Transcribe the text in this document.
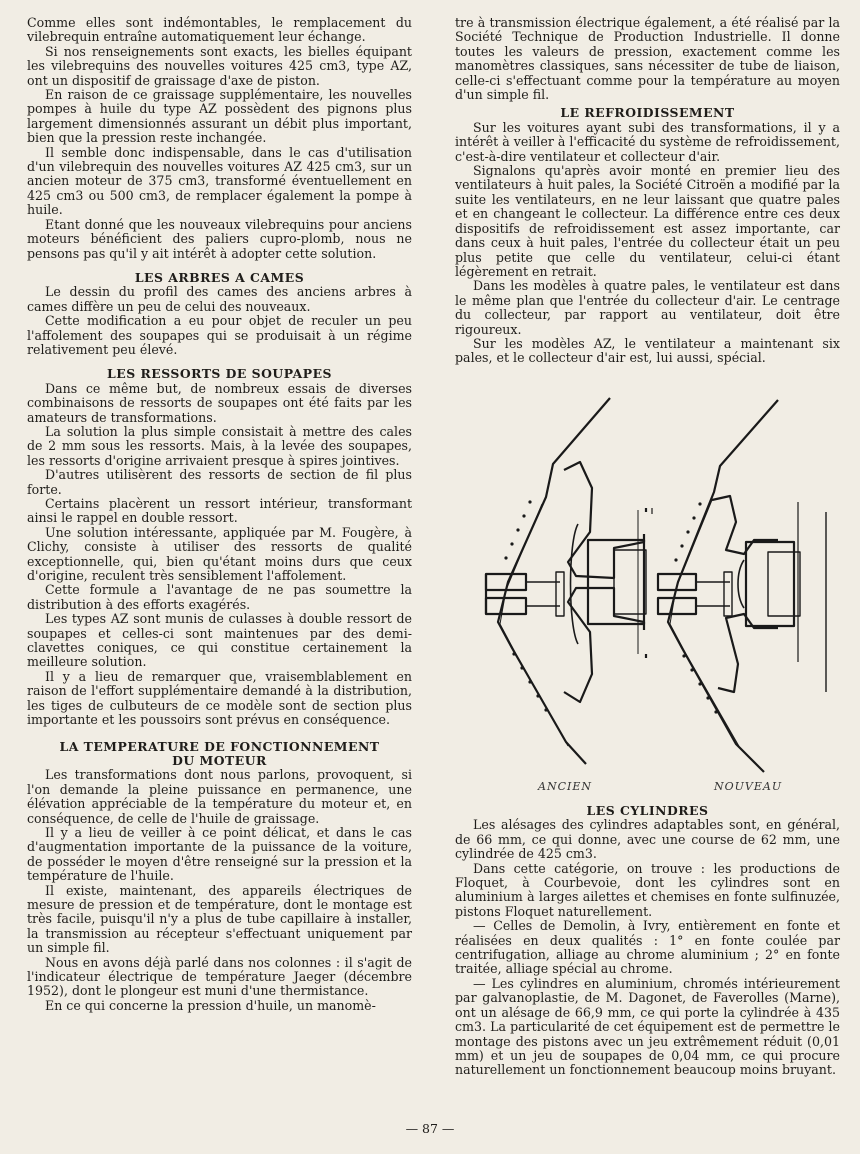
Comme elles sont indémontables, le remplacement du vilebrequin entraîne automatiquement leur échange.

Si nos renseignements sont exacts, les bielles équipant les vilebrequins des nouvelles voitures 425 cm3, type AZ, ont un dispositif de graissage d'axe de piston.

En raison de ce graissage supplémentaire, les nouvelles pompes à huile du type AZ possèdent des pignons plus largement dimensionnés assurant un débit plus important, bien que la pression reste inchangée.

Il semble donc indispensable, dans le cas d'utilisation d'un vilebrequin des nouvelles voitures AZ 425 cm3, sur un ancien moteur de 375 cm3, transformé éventuellement en 425 cm3 ou 500 cm3, de remplacer également la pompe à huile.

Etant donné que les nouveaux vilebrequins pour anciens moteurs bénéficient des paliers cupro-plomb, nous ne pensons pas qu'il y ait intérêt à adopter cette solution.

LES ARBRES A CAMES

Le dessin du profil des cames des anciens arbres à cames diffère un peu de celui des nouveaux.

Cette modification a eu pour objet de reculer un peu l'affolement des soupapes qui se produisait à un régime relativement peu élevé.

LES RESSORTS DE SOUPAPES

Dans ce même but, de nombreux essais de diverses combinaisons de ressorts de soupapes ont été faits par les amateurs de transformations.

La solution la plus simple consistait à mettre des cales de 2 mm sous les ressorts. Mais, à la levée des soupapes, les ressorts d'origine arrivaient presque à spires jointives.

D'autres utilisèrent des ressorts de section de fil plus forte.

Certains placèrent un ressort intérieur, transformant ainsi le rappel en double ressort.

Une solution intéressante, appliquée par M. Fougère, à Clichy, consiste à utiliser des ressorts de qualité exceptionnelle, qui, bien qu'étant moins durs que ceux d'origine, reculent très sensiblement l'affolement.

Cette formule a l'avantage de ne pas soumettre la distribution à des efforts exagérés.

Les types AZ sont munis de culasses à double ressort de soupapes et celles-ci sont maintenues par des demi-clavettes coniques, ce qui constitue certainement la meilleure solution.

Il y a lieu de remarquer que, vraisemblablement en raison de l'effort supplémentaire demandé à la distribution, les tiges de culbuteurs de ce modèle sont de section plus importante et les poussoirs sont prévus en conséquence.

LA TEMPERATURE DE FONCTIONNEMENT
DU MOTEUR

Les transformations dont nous parlons, provoquent, si l'on demande la pleine puissance en permanence, une élévation appréciable de la température du moteur et, en conséquence, de celle de l'huile de graissage.

Il y a lieu de veiller à ce point délicat, et dans le cas d'augmentation importante de la puissance de la voiture, de posséder le moyen d'être renseigné sur la pression et la température de l'huile.

Il existe, maintenant, des appareils électriques de mesure de pression et de température, dont le montage est très facile, puisqu'il n'y a plus de tube capillaire à installer, la transmission au récepteur s'effectuant uniquement par un simple fil.

Nous en avons déjà parlé dans nos colonnes : il s'agit de l'indicateur électrique de température Jaeger (décembre 1952), dont le plongeur est muni d'une thermistance.

En ce qui concerne la pression d'huile, un manomè-

tre à transmission électrique également, a été réalisé par la Société Technique de Production Industrielle. Il donne toutes les valeurs de pression, exactement comme les manomètres classiques, sans nécessiter de tube de liaison, celle-ci s'effectuant comme pour la température au moyen d'un simple fil.

LE REFROIDISSEMENT

Sur les voitures ayant subi des transformations, il y a intérêt à veiller à l'efficacité du système de refroidissement, c'est-à-dire ventilateur et collecteur d'air.

Signalons qu'après avoir monté en premier lieu des ventilateurs à huit pales, la Société Citroën a modifié par la suite les ventilateurs, en ne leur laissant que quatre pales et en changeant le collecteur. La différence entre ces deux dispositifs de refroidissement est assez importante, car dans ceux à huit pales, l'entrée du collecteur était un peu plus petite que celle du ventilateur, celui-ci étant légèrement en retrait.

Dans les modèles à quatre pales, le ventilateur est dans le même plan que l'entrée du collecteur d'air. Le centrage du collecteur, par rapport au ventilateur, doit être rigoureux.

Sur les modèles AZ, le ventilateur a maintenant six pales, et le collecteur d'air est, lui aussi, spécial.

ANCIEN	NOUVEAU
LES CYLINDRES

Les alésages des cylindres adaptables sont, en général, de 66 mm, ce qui donne, avec une course de 62 mm, une cylindrée de 425 cm3.

Dans cette catégorie, on trouve : les productions de Floquet, à Courbevoie, dont les cylindres sont en aluminium à larges ailettes et chemises en fonte sulfinuzée, pistons Floquet naturellement.

— Celles de Demolin, à Ivry, entièrement en fonte et réalisées en deux qualités : 1° en fonte coulée par centrifugation, alliage au chrome aluminium ; 2° en fonte traitée, alliage spécial au chrome.

— Les cylindres en aluminium, chromés intérieurement par galvanoplastie, de M. Dagonet, de Faverolles (Marne), ont un alésage de 66,9 mm, ce qui porte la cylindrée à 435 cm3. La particularité de cet équipement est de permettre le montage des pistons avec un jeu extrêmement réduit (0,01 mm) et un jeu de soupapes de 0,04 mm, ce qui procure naturellement un fonctionnement beaucoup moins bruyant.

— 87 —
